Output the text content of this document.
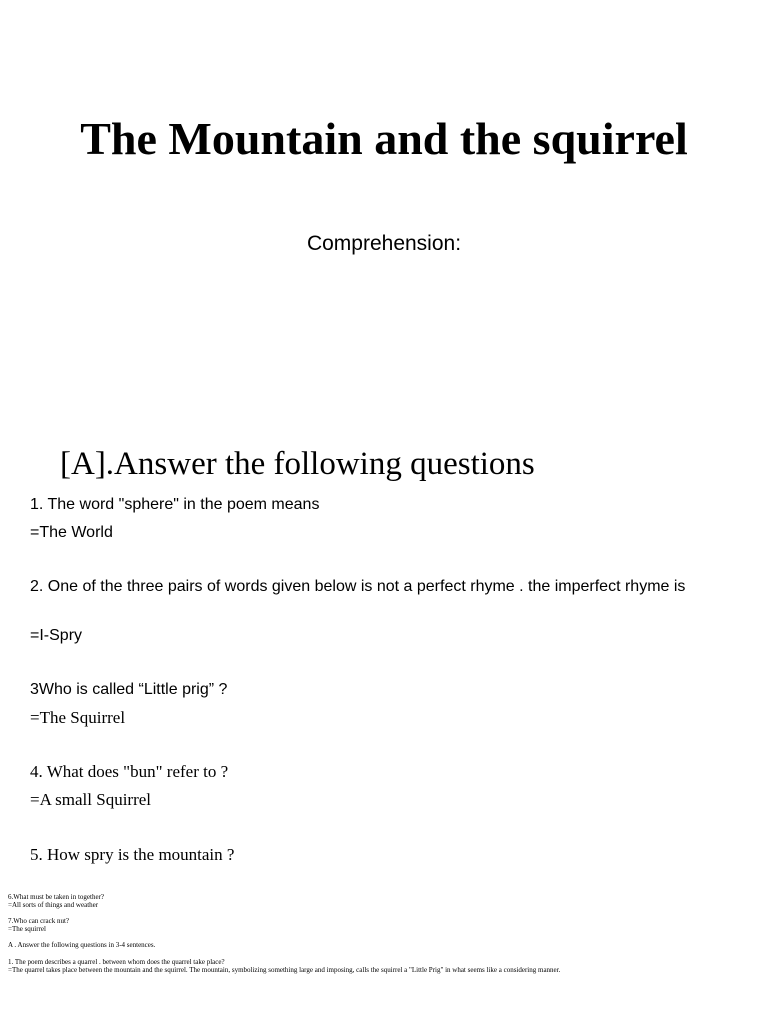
The Mountain and the squirrel
Comprehension:
[A].Answer the following questions
1. The word "sphere" in the poem means
=The World
2. One of the three pairs of words given below is not a perfect rhyme . the imperfect rhyme is
=I-Spry
3Who is called “Little prig” ?
=The Squirrel
4. What does "bun" refer to ?
=A small Squirrel
5. How spry is the mountain ?
6.What must be taken in together?
=All sorts of things and weather
7.Who can crack nut?
=The squirrel
A . Answer the following questions in 3-4 sentences.
1. The poem describes a quarrel . between whom does the quarrel take place?
=The quarrel takes place between the mountain and the squirrel. The mountain, symbolizing something large and imposing, calls the squirrel a "Little Prig" in what seems like a considering manner.
